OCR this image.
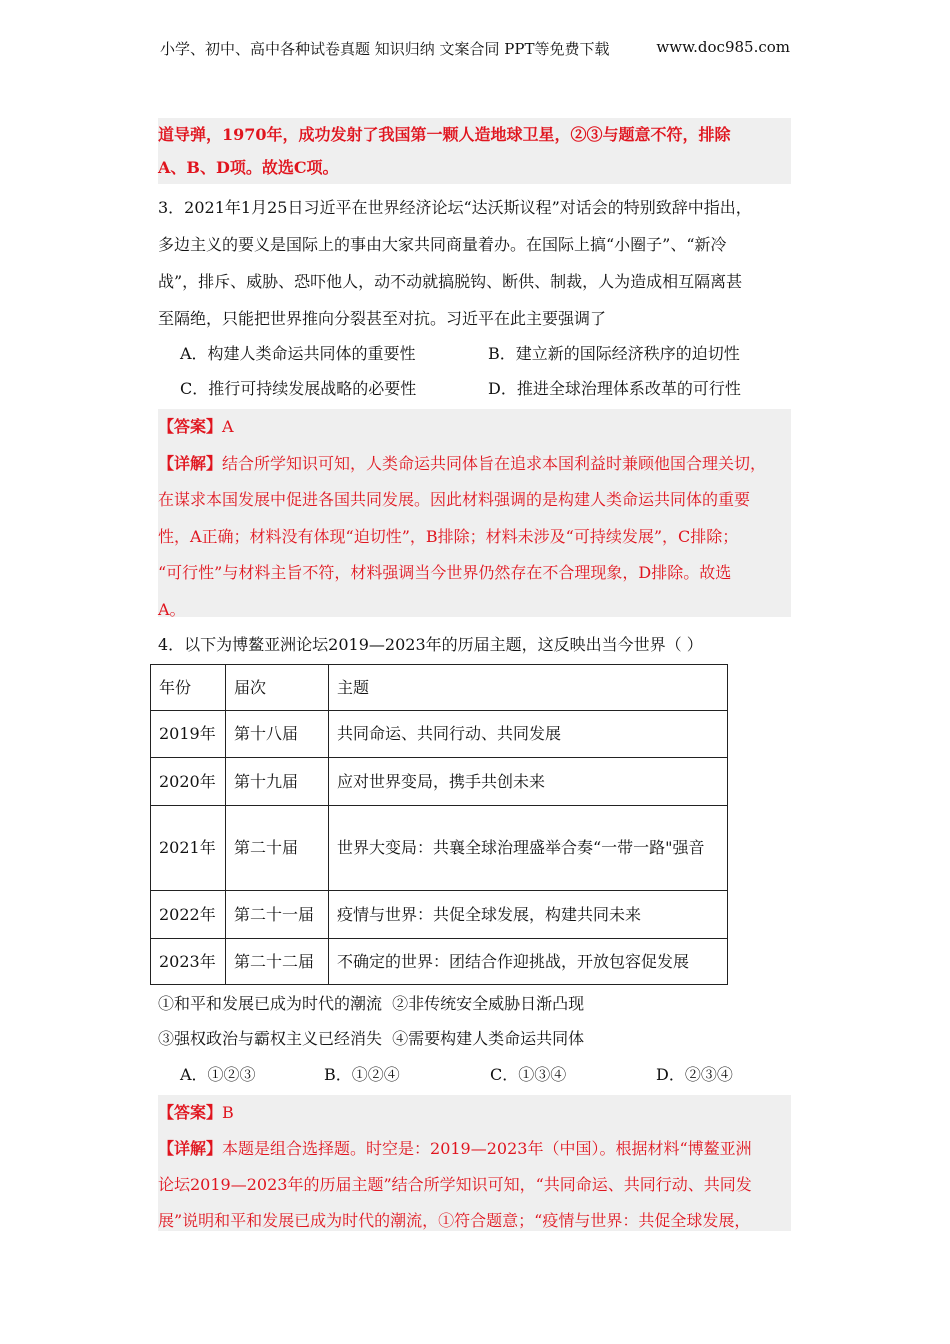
小学、初中、高中各种试卷真题 知识归纳 文案合同 PPT等免费下载	www.doc985.com
道导弹，1970年，成功发射了我国第一颗人造地球卫星，②③与题意不符，排除
A、B、D项。故选C项。
3．2021年1月25日习近平在世界经济论坛“达沃斯议程”对话会的特别致辞中指出，
多边主义的要义是国际上的事由大家共同商量着办。在国际上搞“小圈子”、“新冷
战”，排斥、威胁、恐吓他人，动不动就搞脱钩、断供、制裁，人为造成相互隔离甚
至隔绝，只能把世界推向分裂甚至对抗。习近平在此主要强调了
A．构建人类命运共同体的重要性	B．建立新的国际经济秩序的迫切性
C．推行可持续发展战略的必要性	D．推进全球治理体系改革的可行性
【答案】A
【详解】结合所学知识可知，人类命运共同体旨在追求本国利益时兼顾他国合理关切，
在谋求本国发展中促进各国共同发展。因此材料强调的是构建人类命运共同体的重要
性，A正确；材料没有体现“迫切性”，B排除；材料未涉及“可持续发展”，C排除；
“可行性”与材料主旨不符，材料强调当今世界仍然存在不合理现象，D排除。故选
A。
4．以下为博鳌亚洲论坛2019—2023年的历届主题，这反映出当今世界（ ）
年份	届次	主题
2019年	第十八届	共同命运、共同行动、共同发展
2020年	第十九届	应对世界变局，携手共创未来
2021年	第二十届	世界大变局：共襄全球治理盛举合奏“一带一路"强音
2022年	第二十一届	疫情与世界：共促全球发展，构建共同未来
2023年	第二十二届	不确定的世界：团结合作迎挑战，开放包容促发展
①和平和发展已成为时代的潮流  ②非传统安全威胁日渐凸现
③强权政治与霸权主义已经消失  ④需要构建人类命运共同体
A．①②③	B．①②④	C．①③④	D．②③④
【答案】B
【详解】本题是组合选择题。时空是：2019—2023年（中国）。根据材料“博鳌亚洲
论坛2019—2023年的历届主题”结合所学知识可知，“共同命运、共同行动、共同发
展”说明和平和发展已成为时代的潮流，①符合题意；“疫情与世界：共促全球发展，
